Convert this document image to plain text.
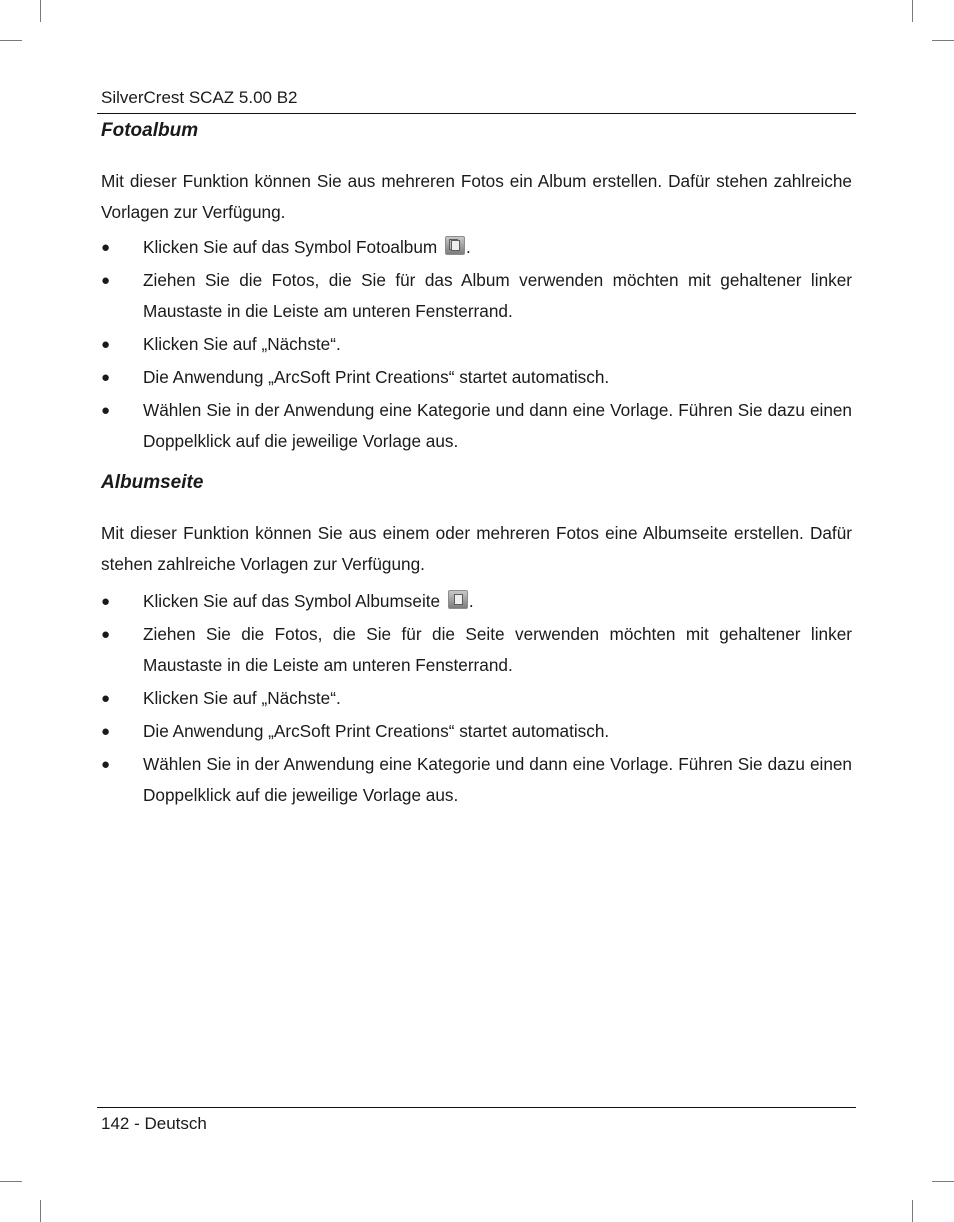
SilverCrest SCAZ 5.00 B2
Fotoalbum

Mit dieser Funktion können Sie aus mehreren Fotos ein Album erstellen. Dafür stehen zahlreiche Vorlagen zur Verfügung.

● Klicken Sie auf das Symbol Fotoalbum .
● Ziehen Sie die Fotos, die Sie für das Album verwenden möchten mit gehaltener linker Maustaste in die Leiste am unteren Fensterrand.
● Klicken Sie auf „Nächste“.
● Die Anwendung „ArcSoft Print Creations“ startet automatisch.
● Wählen Sie in der Anwendung eine Kategorie und dann eine Vorlage. Führen Sie dazu einen Doppelklick auf die jeweilige Vorlage aus.
Albumseite

Mit dieser Funktion können Sie aus einem oder mehreren Fotos eine Albumseite erstellen. Dafür stehen zahlreiche Vorlagen zur Verfügung.

● Klicken Sie auf das Symbol Albumseite .
● Ziehen Sie die Fotos, die Sie für die Seite verwenden möchten mit gehaltener linker Maustaste in die Leiste am unteren Fensterrand.
● Klicken Sie auf „Nächste“.
● Die Anwendung „ArcSoft Print Creations“ startet automatisch.
● Wählen Sie in der Anwendung eine Kategorie und dann eine Vorlage. Führen Sie dazu einen Doppelklick auf die jeweilige Vorlage aus.
142 - Deutsch
